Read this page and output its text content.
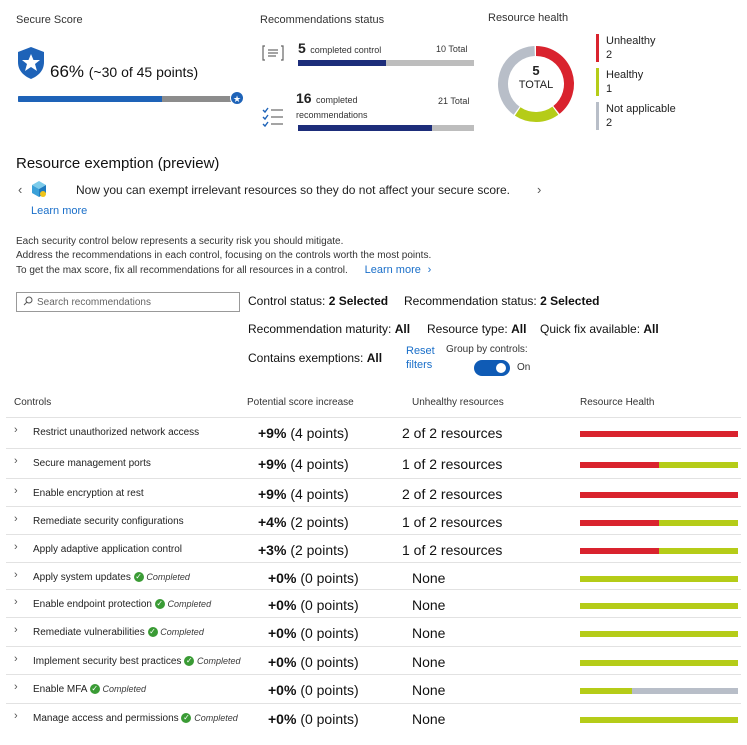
Secure Score
66% (~30 of 45 points)
★
Recommendations status
5 completed control	10 Total
16 completed
recommendations
21 Total
Resource health
5
TOTAL
Unhealthy
2
Healthy
1
Not applicable
2
Resource exemption (preview)
‹	Now you can exempt irrelevant resources so they do not affect your secure score. ›
Learn more
Each security control below represents a security risk you should mitigate.
Address the recommendations in each control, focusing on the controls worth the most points.
To get the max score, fix all recommendations for all resources in a control. Learn more ›
Search recommendations	Control status: 2 Selected Recommendation status: 2 Selected
Recommendation maturity: All Resource type: All Quick fix available: All
Contains exemptions: All Reset
filters
Group by controls:
On
Controls	Potential score increase	Unhealthy resources	Resource Health
› Restrict unauthorized network access	+9% (4 points)	2 of 2 resources
› Secure management ports	+9% (4 points)	1 of 2 resources
› Enable encryption at rest	+9% (4 points)	2 of 2 resources
› Remediate security configurations	+4% (2 points)	1 of 2 resources
› Apply adaptive application control	+3% (2 points)	1 of 2 resources
› Apply system updates ✓ Completed	+0% (0 points)	None
› Enable endpoint protection ✓ Completed	+0% (0 points)	None
› Remediate vulnerabilities ✓ Completed	+0% (0 points)	None
› Implement security best practices ✓ Completed +0% (0 points)	None
› Enable MFA ✓ Completed	+0% (0 points)	None
› Manage access and permissions ✓ Completed +0% (0 points)	None
